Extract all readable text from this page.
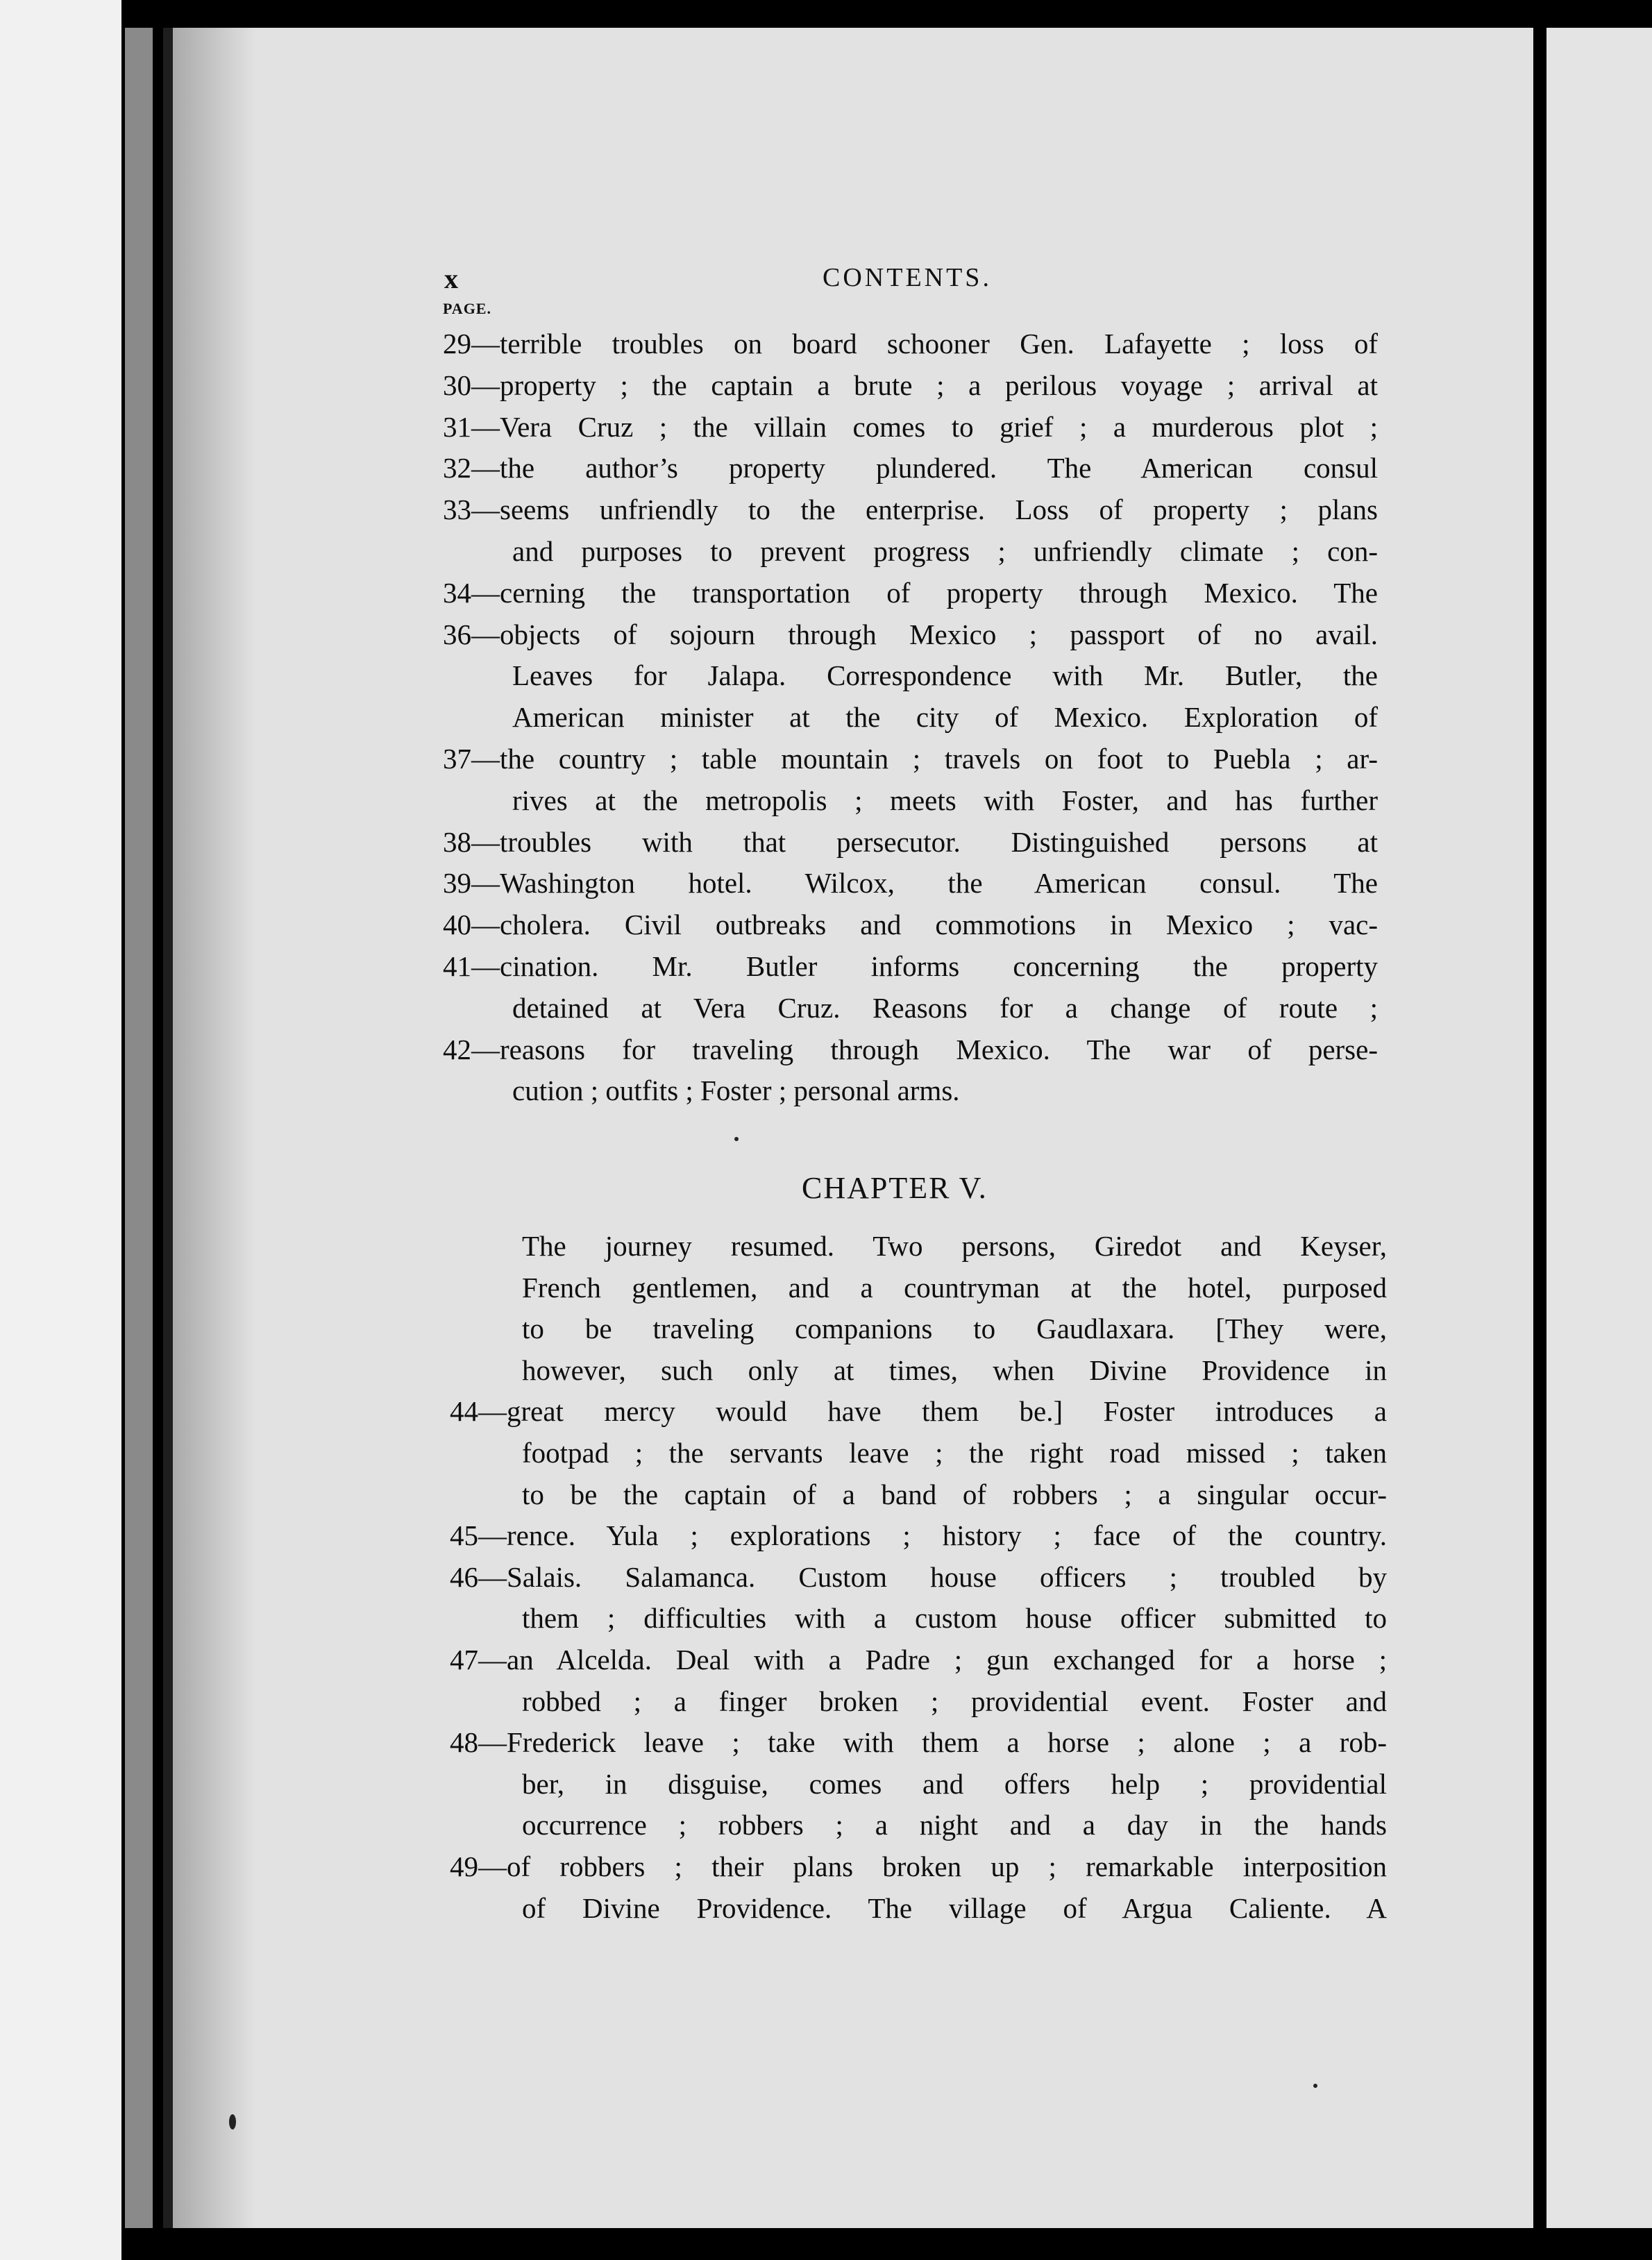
x	CONTENTS.
PAGE.
29—terrible troubles on board schooner Gen. Lafayette ; loss of
30—property ; the captain a brute ; a perilous voyage ; arrival at
31—Vera Cruz ; the villain comes to grief ; a murderous plot ;
32—the author’s property plundered. The American consul
33—seems unfriendly to the enterprise. Loss of property ; plans
and purposes to prevent progress ; unfriendly climate ; con-
34—cerning the transportation of property through Mexico. The
36—objects of sojourn through Mexico ; passport of no avail.
Leaves for Jalapa. Correspondence with Mr. Butler, the
American minister at the city of Mexico. Exploration of
37—the country ; table mountain ; travels on foot to Puebla ; ar-
rives at the metropolis ; meets with Foster, and has further
38—troubles with that persecutor. Distinguished persons at
39—Washington hotel. Wilcox, the American consul. The
40—cholera. Civil outbreaks and commotions in Mexico ; vac-
41—cination. Mr. Butler informs concerning the property
detained at Vera Cruz. Reasons for a change of route ;
42—reasons for traveling through Mexico. The war of perse-
cution ; outfits ; Foster ; personal arms.
CHAPTER V.
The journey resumed. Two persons, Giredot and Keyser,
French gentlemen, and a countryman at the hotel, purposed
to be traveling companions to Gaudlaxara. [They were,
however, such only at times, when Divine Providence in
44—great mercy would have them be.] Foster introduces a
footpad ; the servants leave ; the right road missed ; taken
to be the captain of a band of robbers ; a singular occur-
45—rence. Yula ; explorations ; history ; face of the country.
46—Salais. Salamanca. Custom house officers ; troubled by
them ; difficulties with a custom house officer submitted to
47—an Alcelda. Deal with a Padre ; gun exchanged for a horse ;
robbed ; a finger broken ; providential event. Foster and
48—Frederick leave ; take with them a horse ; alone ; a rob-
ber, in disguise, comes and offers help ; providential
occurrence ; robbers ; a night and a day in the hands
49—of robbers ; their plans broken up ; remarkable interposition
of Divine Providence. The village of Argua Caliente. A
